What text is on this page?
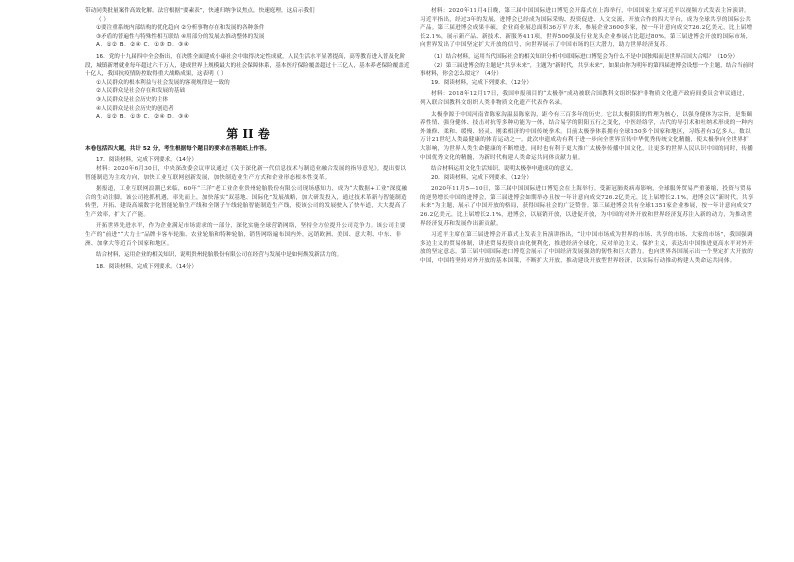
带动同类批量案件高效化解。法官根据“要素表”，快速归纳争议焦点，快速庭理，这启示我们
（ ）
①要注重系统内部结构的优化趋向 ②分析事物存在和发展的各种条件
③矛盾的普遍性与特殊性相互联结 ④用部分的发展去推动整体的发展
A．①② B．②④ C．①③ D．③④
16．党的十九届四中全会指出，在决胜全面建成小康社会中取得决定性成就，人民生活水平显著提高，高等教育进入普及化阶段，城镇新增就业每年超过六千万人，建成世界上规模最大的社会保障体系，基本医疗保险覆盖超过十三亿人，基本养老保险覆盖近十亿人，我国抗疫情防控取得重大战略成果，这表明（ ）
①人民群众的根本利益与社会发展的客观规律是一致的
②人民群众是社会存在和发展的基础
③人民群众是社会历史的主体
④人民群众是社会历史的创造者
A．①② B．①③ C．②④ D．③④
第 II 卷
本卷包括四大题，共计 52 分，考生根据每个题目的要求在答题纸上作答。
17．阅读材料，完成下列要求。（14分）
材料：2020年6月30日，中央深改委会议审议通过《关于深化新一代信息技术与制造业融合发展的指导意见》，提出要以智能制造为主攻方向，加快工业互联网创新发展，加快制造业生产方式和企业形态根本性变革。
据报道，工业互联网浪潮已来临，60年“三洋”老工业企业贵州轮胎股份有限公司现场感知力，成为“大数据+工业”深度融合的生动注脚。该公司抢抓机遇，率先而上，加快落实“双基地、国际化”发展战略，加大研发投入，通过技术革新与智能制造转型，开拓、建设高端数字化智能轮胎生产线和全钢子午线轮胎智能制造生产线，使该公司的发展驶入了快车道，大大提高了生产效率，扩大了产能。
开拓世界先进水平，作为企业满足市场需求的一部分，深化实施全球营销网络，坚持全方位提升公司竞争力。该公司主要生产的“前进”“大力士”品牌卡客车轮胎、农业轮胎和特种轮胎，销售网络遍布国内外，远销欧洲、美国、意大利、中东、非洲、加拿大等近百个国家和地区。
结合材料，运用企业的相关知识，说明贵州轮胎股份有限公司在经营与发展中是如何焕发新活力的。
18．阅读材料，完成下列要求。（14分）
材料：2020年11月4日晚，第三届中国国际进口博览会开幕式在上海举行，中国国家主席习近平以视频方式发表主旨演讲。习近平指出，经过3年的发展，进博会已经成为国际采购、投资促进、人文交流、开放合作的四大平台，成为全球共享的国际公共产品。第三届进博会成果丰硕，企业商业展总面积36万平方米，参展企业3600多家，按一年计意向成交726.2亿美元，比上届增长2.1%，展示新产品、新技术、新服务411项，世界500强及行业龙头企业参展占比超过80%。第三届进博会开放的国际市场，向世界发出了中国坚定扩大开放的信号，向世界展示了中国市场的巨大潜力，助力世界经济复苏。
（1）结合材料，运用当代国际社会的相关知识分析中国国际进口博览会为什么不是中国独唱而是世界百国大合唱？（10分）
（2）第三届进博会的主题是“共享未来”，主题为“新时代，共享未来”，如果由你为明年的第四届进博会设想一个主题，结合当前时事材料，你会怎么拟定？（4分）
19．阅读材料，完成下列要求。（12分）
材料：2018年12月17日，我国申报项目的“太极拳”成功被联合国教科文组织保护非物质文化遗产政府间委员会审议通过，列入联合国教科文组织人类非物质文化遗产代表作名录。
太极拳源于中国河南省陈家沟温县陈家沟，距今有三百多年的历史。它以太极阴阳的哲理为核心，以强身健体为宗旨，是集颐养性情、强身健体、技击对抗等多种功能为一体，结合易学的阴阳五行之变化，中医经络学，古代的导引术和吐纳术形成的一种内外兼修、柔和、缓慢、轻灵、刚柔相济的中国传统拳术。目前太极拳体系拥有全球150多个国家和地区，习练者有3亿多人。数以万计21世纪人类最健康的体育运动之一。此次申遗成功有利于进一步向全世界宣传中华优秀传统文化精髓，使太极拳向全世界扩大影响，为世界人类生命健康的不断增进。同时也有利于更大推广太极拳传播中国文化，让更多的世界人民认识中国的同时，传播中国优秀文化的精髓，为新时代构建人类命运共同体贡献力量。
结合材料运用文化生活知识，说明太极拳申遗成功的意义。
20．阅读材料，完成下列要求。（12分）
2020年11月5—10日，第三届中国国际进口博览会在上海举行。受新冠肺炎病毒影响，全球服务贸易严重萎缩，投资与贸易的逆势增长中国的进博会，第三届进博会如期举办且按一年计意向成交726.2亿美元，比上届增长2.1%，进博会以“新时代，共享未来”为主题，展示了中国开放的格局，获得国际社会的广泛赞誉。第三届进博会共有全球1351家企业参展，按一年计意向成交726.2亿美元，比上届增长2.1%，进博会，以展销开放，以进促开放，为中国的对外开放和世界经济复苏注入新的动力，为推动世界经济复苏和发展作出新贡献。
习近平主席在第三届进博会开幕式上发表主旨演讲指出，“让中国市场成为世界的市场、共享的市场、大家的市场”，我国强调多边主义的贸易体制，讲述贸易投资自由化便利化，推进经济全球化，反对单边主义、保护主义，表达出中国推进更高水平对外开放的坚定意志。第三届中国国际进口博览会展示了中国经济发展强劲的韧性和巨大潜力，也向世界各国展示出一个坚定扩大开放的中国，中国将坚持对外开放的基本国策，不断扩大开放，推动建设开放型世界经济，以实际行动推动构建人类命运共同体。
